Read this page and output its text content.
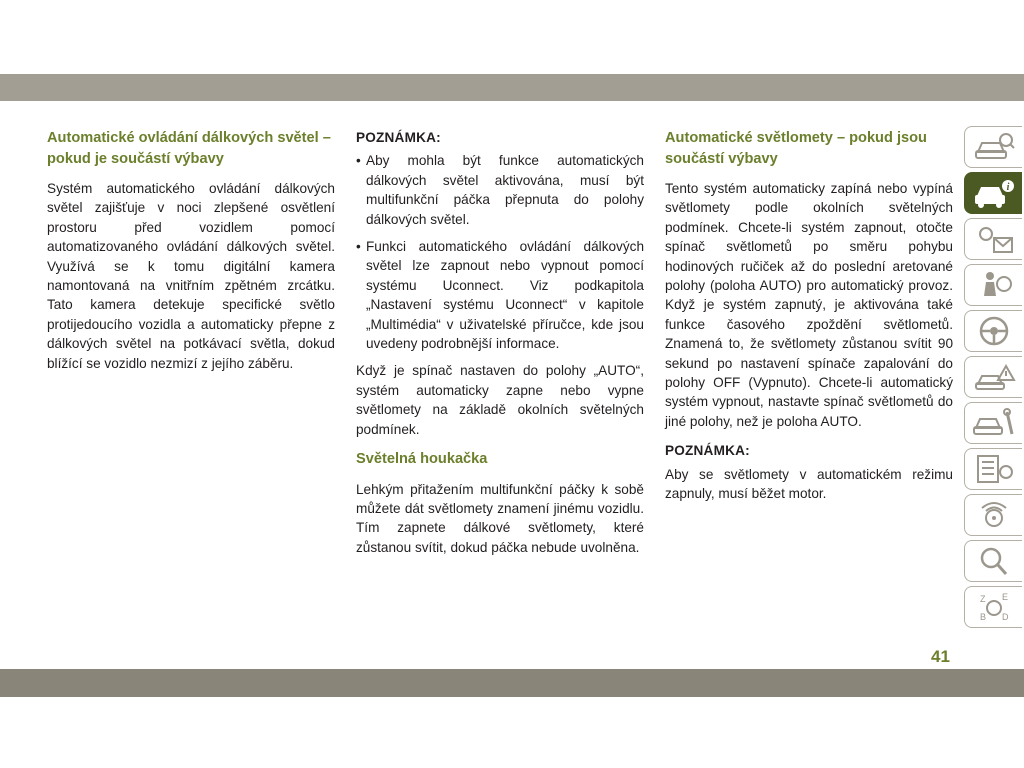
Automatické ovládání dálkových světel – pokud je součástí výbavy

Systém automatického ovládání dálkových světel zajišťuje v noci zlepšené osvětlení prostoru před vozidlem pomocí automatizovaného ovládání dálkových světel. Využívá se k tomu digitální kamera namontovaná na vnitřním zpětném zrcátku. Tato kamera detekuje specifické světlo protijedoucího vozidla a automaticky přepne z dálkových světel na potkávací světla, dokud blížící se vozidlo nezmizí z jejího záběru.

POZNÁMKA:
• Aby mohla být funkce automatických dálkových světel aktivována, musí být multifunkční páčka přepnuta do polohy dálkových světel.
• Funkci automatického ovládání dálkových světel lze zapnout nebo vypnout pomocí systému Uconnect. Viz podkapitola „Nastavení systému Uconnect“ v kapitole „Multimédia“ v uživatelské příručce, kde jsou uvedeny podrobnější informace.

Když je spínač nastaven do polohy „AUTO“, systém automaticky zapne nebo vypne světlomety na základě okolních světelných podmínek.

Světelná houkačka

Lehkým přitažením multifunkční páčky k sobě můžete dát světlomety znamení jinému vozidlu. Tím zapnete dálkové světlomety, které zůstanou svítit, dokud páčka nebude uvolněna.

Automatické světlomety – pokud jsou součástí výbavy

Tento systém automaticky zapíná nebo vypíná světlomety podle okolních světelných podmínek. Chcete-li systém zapnout, otočte spínač světlometů po směru pohybu hodinových ručiček až do poslední aretované polohy (poloha AUTO) pro automatický provoz. Když je systém zapnutý, je aktivována také funkce časového zpoždění světlometů. Znamená to, že světlomety zůstanou svítit 90 sekund po nastavení spínače zapalování do polohy OFF (Vypnuto). Chcete-li automatický systém vypnout, nastavte spínač světlometů do jiné polohy, než je poloha AUTO.

POZNÁMKA:

Aby se světlomety v automatickém režimu zapnuly, musí běžet motor.

i
Z E
B D
41
